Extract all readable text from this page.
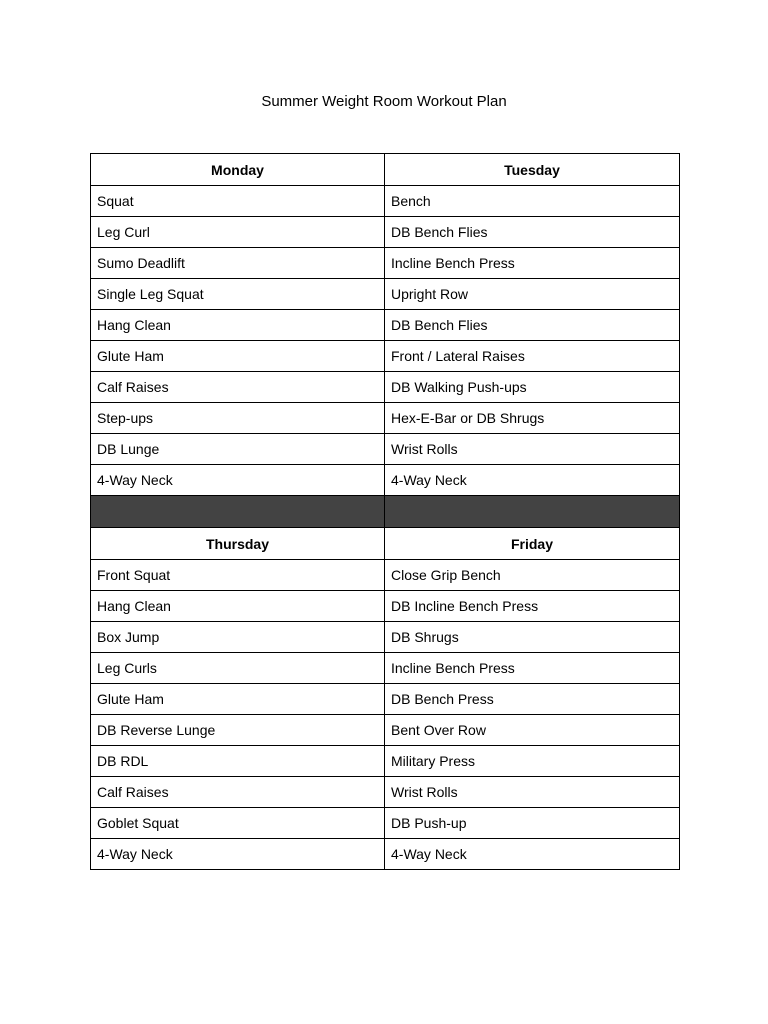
Summer Weight Room Workout Plan
Monday	Tuesday
Squat	Bench
Leg Curl	DB Bench Flies
Sumo Deadlift	Incline Bench Press
Single Leg Squat	Upright Row
Hang Clean	DB Bench Flies
Glute Ham	Front / Lateral Raises
Calf Raises	DB Walking Push-ups
Step-ups	Hex-E-Bar or DB Shrugs
DB Lunge	Wrist Rolls
4-Way Neck	4-Way Neck

Thursday	Friday
Front Squat	Close Grip Bench
Hang Clean	DB Incline Bench Press
Box Jump	DB Shrugs
Leg Curls	Incline Bench Press
Glute Ham	DB Bench Press
DB Reverse Lunge	Bent Over Row
DB RDL	Military Press
Calf Raises	Wrist Rolls
Goblet Squat	DB Push-up
4-Way Neck	4-Way Neck
